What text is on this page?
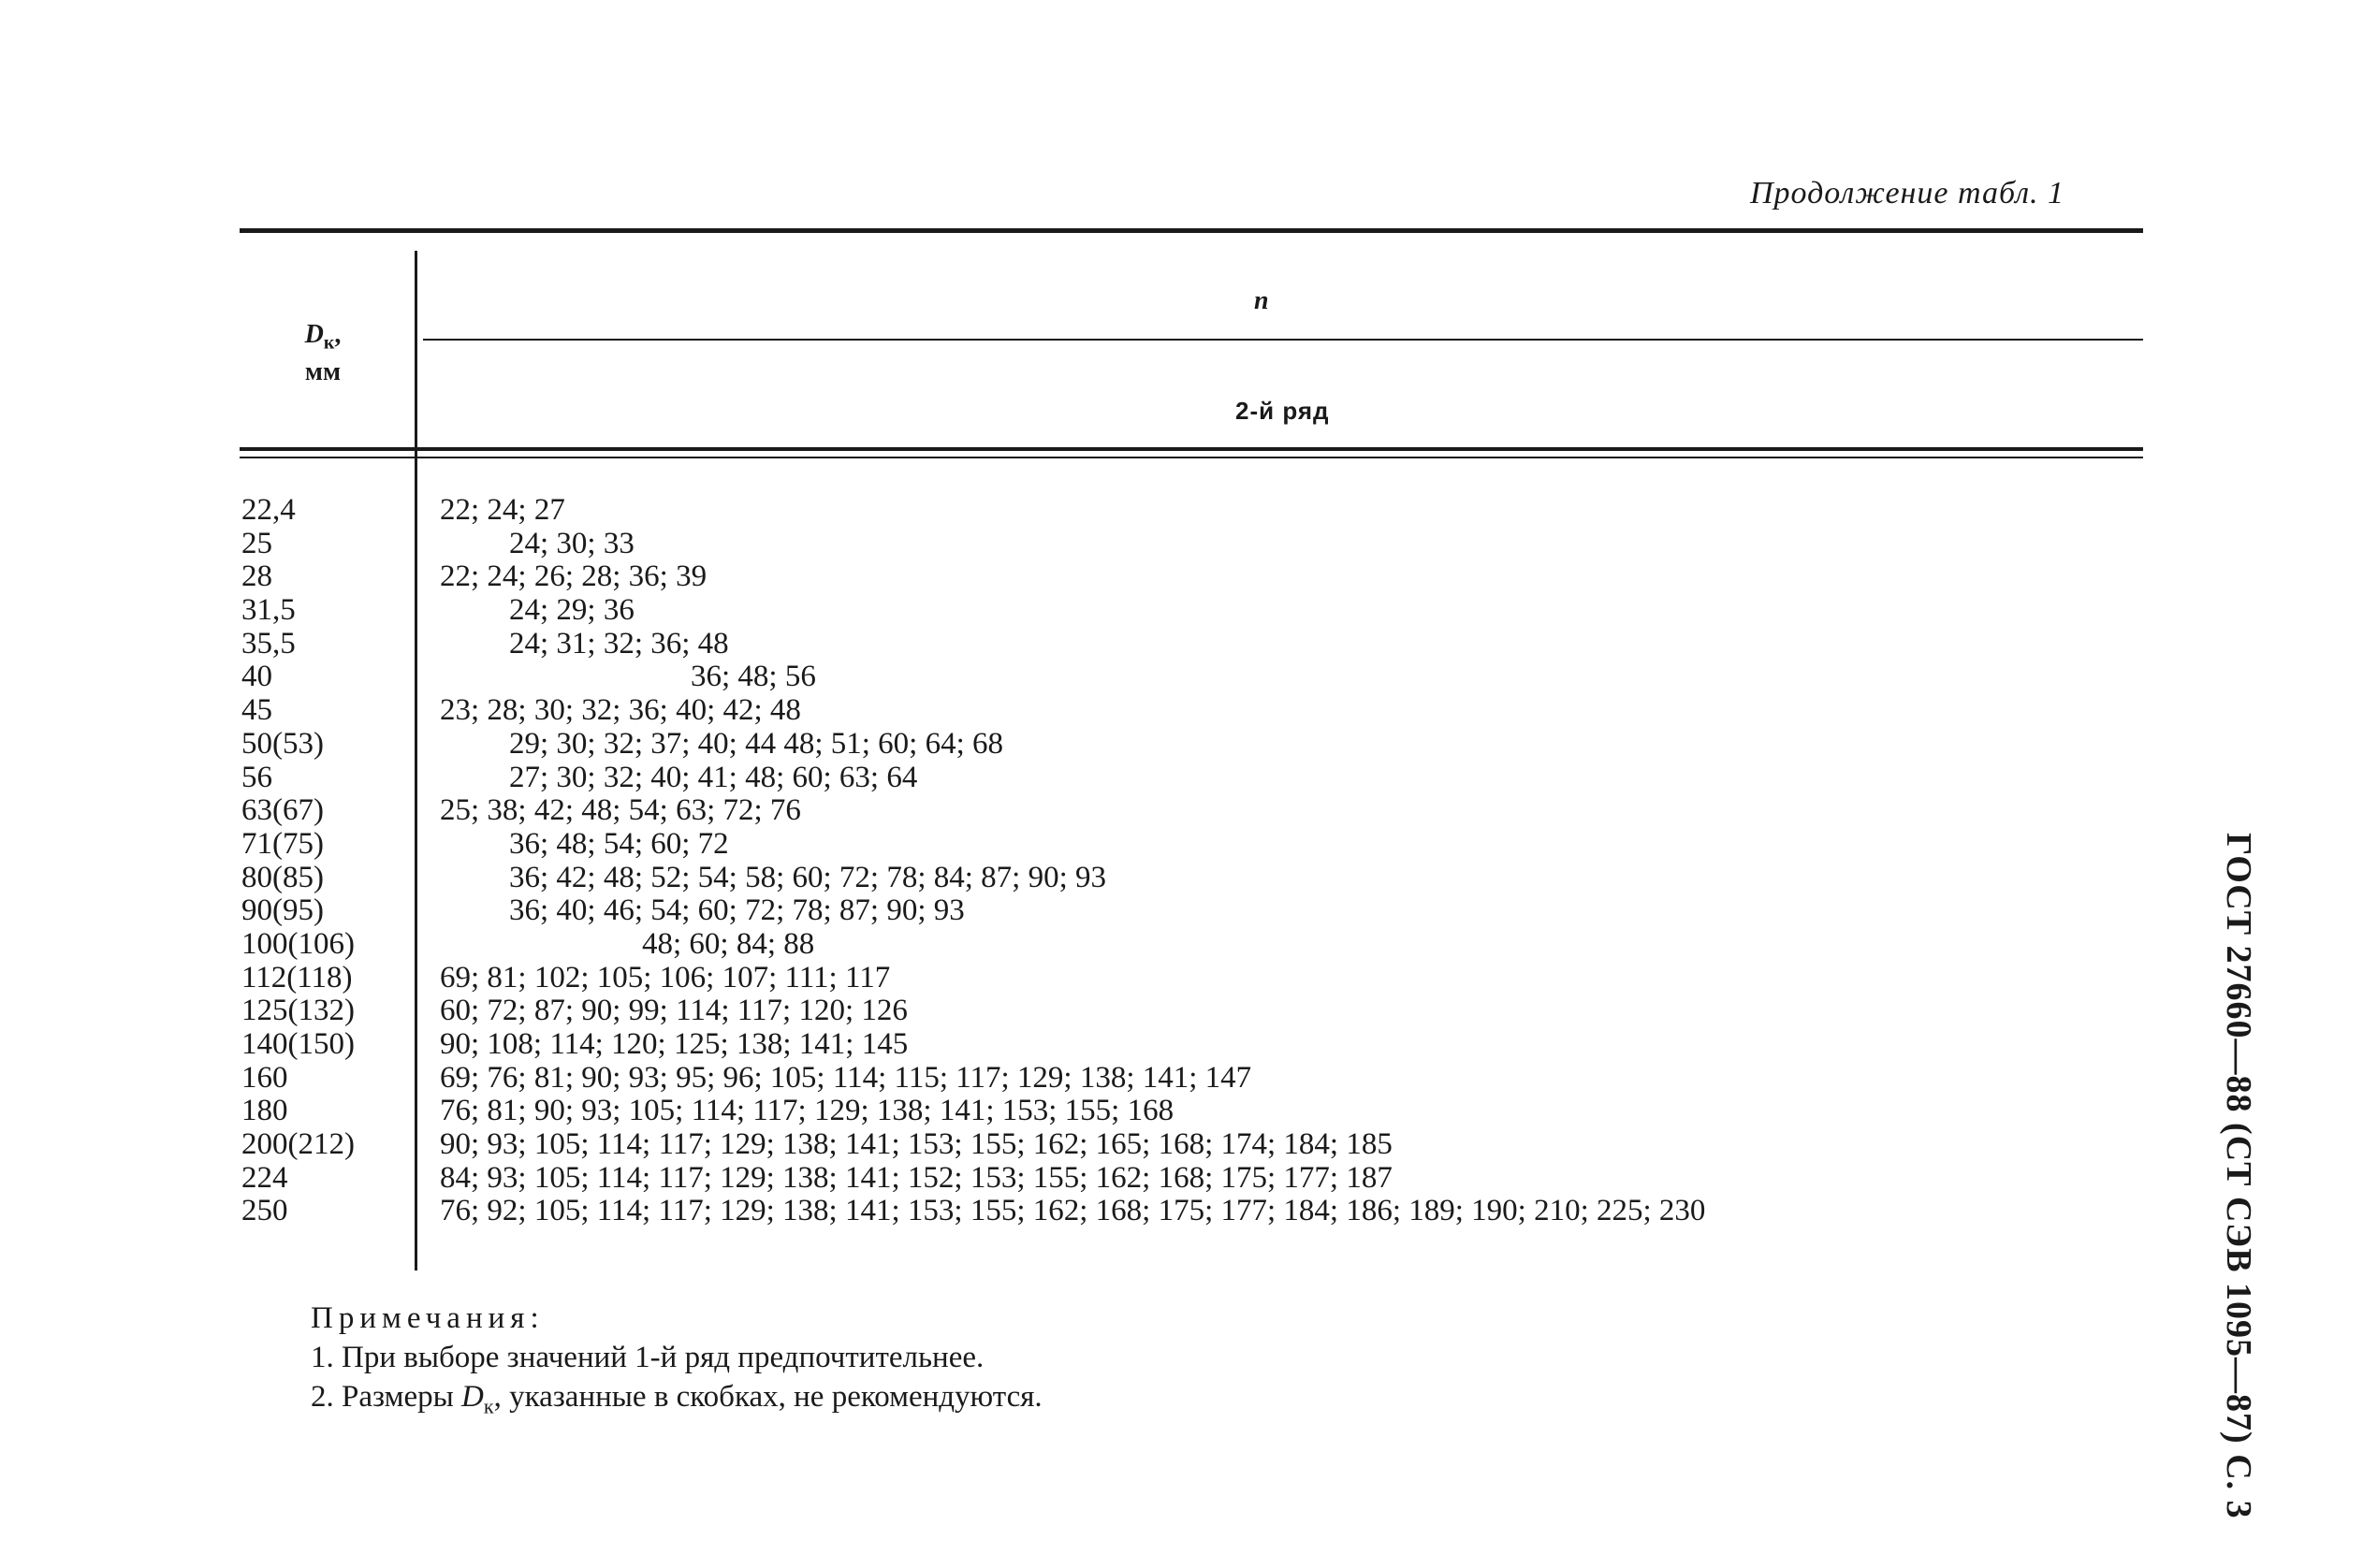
Продолжение табл. 1
$D_к$,
мм
n
2-й ряд
22,4	22; 24; 27
25	24; 30; 33
28	22; 24; 26; 28; 36; 39
31,5	24; 29; 36
35,5	24; 31; 32; 36; 48
40	36; 48; 56
45	23; 28; 30; 32; 36; 40; 42; 48
50(53)	29; 30; 32; 37; 40; 44 48; 51; 60; 64; 68
56	27; 30; 32; 40; 41; 48; 60; 63; 64
63(67)	25; 38; 42; 48; 54; 63; 72; 76
71(75)	36; 48; 54; 60; 72
80(85)	36; 42; 48; 52; 54; 58; 60; 72; 78; 84; 87; 90; 93
90(95)	36; 40; 46; 54; 60; 72; 78; 87; 90; 93
100(106)	48; 60; 84; 88
112(118)	69; 81; 102; 105; 106; 107; 111; 117
125(132)	60; 72; 87; 90; 99; 114; 117; 120; 126
140(150)	90; 108; 114; 120; 125; 138; 141; 145
160	69; 76; 81; 90; 93; 95; 96; 105; 114; 115; 117; 129; 138; 141; 147
180	76; 81; 90; 93; 105; 114; 117; 129; 138; 141; 153; 155; 168
200(212)	90; 93; 105; 114; 117; 129; 138; 141; 153; 155; 162; 165; 168; 174; 184; 185
224	84; 93; 105; 114; 117; 129; 138; 141; 152; 153; 155; 162; 168; 175; 177; 187
250	76; 92; 105; 114; 117; 129; 138; 141; 153; 155; 162; 168; 175; 177; 184; 186; 189; 190; 210; 225; 230
Примечания:
1. При выборе значений 1-й ряд предпочтительнее.
2. Размеры $D_к$, указанные в скобках, не рекомендуются.	ГОСТ 27660—88 (СТ СЭВ 1095—87) С. 3
